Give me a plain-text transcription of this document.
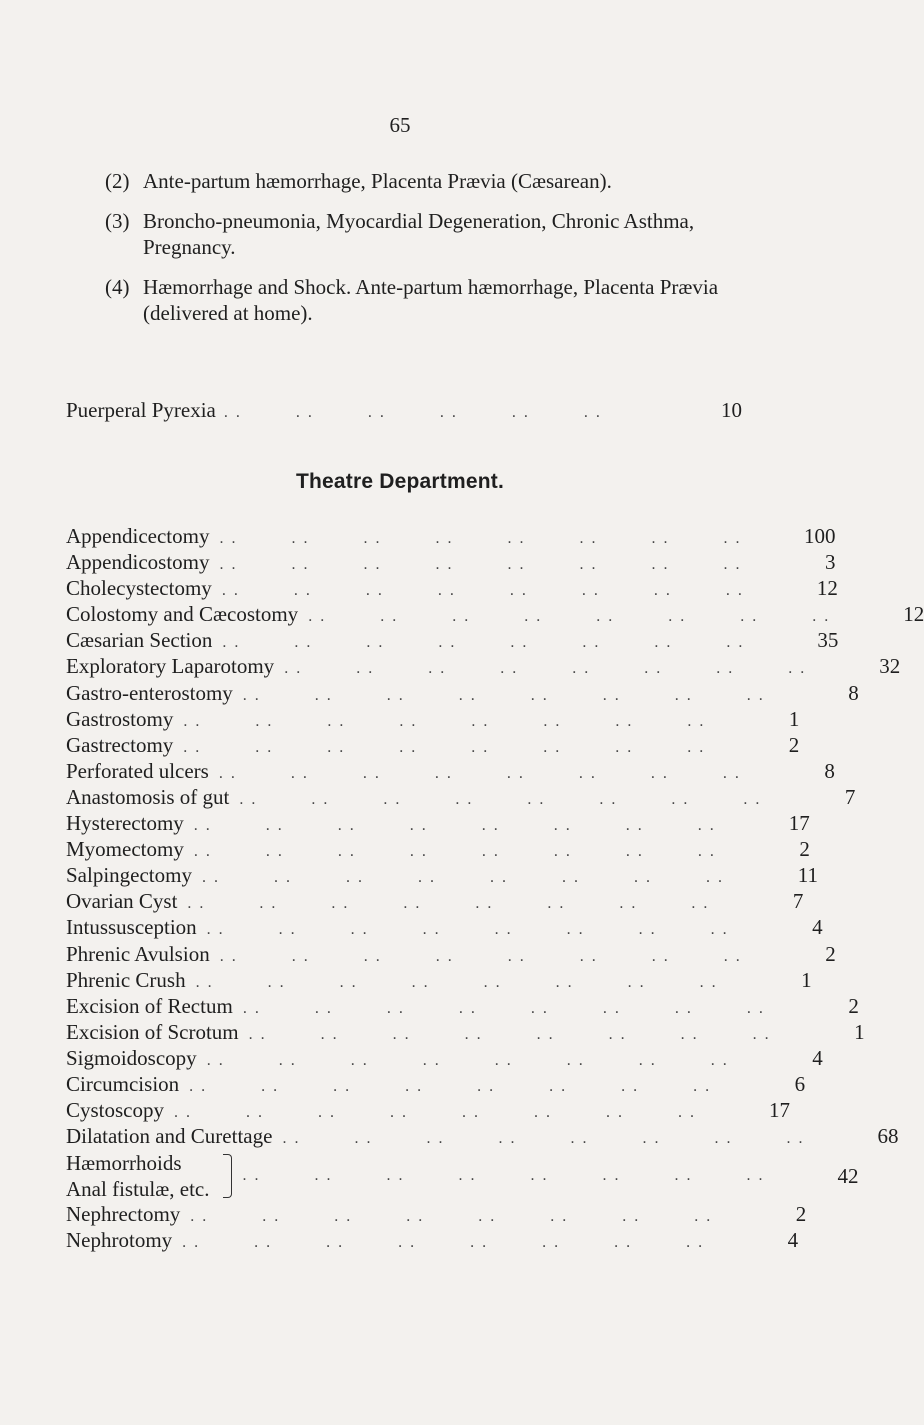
65
(2) Ante-partum hæmorrhage, Placenta Prævia (Cæsarean).
(3) Broncho-pneumonia, Myocardial Degeneration, Chronic Asthma, Pregnancy.
(4) Hæmorrhage and Shock. Ante-partum hæmorrhage, Placenta Prævia (delivered at home).
Puerperal Pyrexia . .         . .         . .         . .         . .         . .	10
Theatre Department.
Appendicectomy . .         . .         . .         . .         . .         . .         . .         . . 100
Appendicostomy . .         . .         . .         . .         . .         . .         . .         . .	3
Cholecystectomy . .         . .         . .         . .         . .         . .         . .         . . 12
Colostomy and Cæcostomy . .         . .         . .         . .         . .         . .         . .         . . 12
Cæsarian Section . .         . .         . .         . .         . .         . .         . .         . . 35
Exploratory Laparotomy . .         . .         . .         . .         . .         . .         . .         . . 32
Gastro-enterostomy . .         . .         . .         . .         . .         . .         . .         . .	8
Gastrostomy . .         . .         . .         . .         . .         . .         . .         . .	1
Gastrectomy . .         . .         . .         . .         . .         . .         . .         . .	2
Perforated ulcers . .         . .         . .         . .         . .         . .         . .         . .	8
Anastomosis of gut . .         . .         . .         . .         . .         . .         . .         . .	7
Hysterectomy . .         . .         . .         . .         . .         . .         . .         . . 17
Myomectomy . .         . .         . .         . .         . .         . .         . .         . .	2
Salpingectomy . .         . .         . .         . .         . .         . .         . .         . . 11
Ovarian Cyst . .         . .         . .         . .         . .         . .         . .         . .	7
Intussusception . .         . .         . .         . .         . .         . .         . .         . .	4
Phrenic Avulsion . .         . .         . .         . .         . .         . .         . .         . .	2
Phrenic Crush . .         . .         . .         . .         . .         . .         . .         . .	1
Excision of Rectum . .         . .         . .         . .         . .         . .         . .         . .	2
Excision of Scrotum . .         . .         . .         . .         . .         . .         . .         . .	1
Sigmoidoscopy . .         . .         . .         . .         . .         . .         . .         . .	4
Circumcision . .         . .         . .         . .         . .         . .         . .         . .	6
Cystoscopy . .         . .         . .         . .         . .         . .         . .         . . 17
Dilatation and Curettage . .         . .         . .         . .         . .         . .         . .         . . 68
Hæmorrhoids
Anal fistulæ, etc.
. .         . .         . .         . .         . .         . .         . .         . . 42
Nephrectomy . .         . .         . .         . .         . .         . .         . .         . .	2
Nephrotomy . .         . .         . .         . .         . .         . .         . .         . .	4
